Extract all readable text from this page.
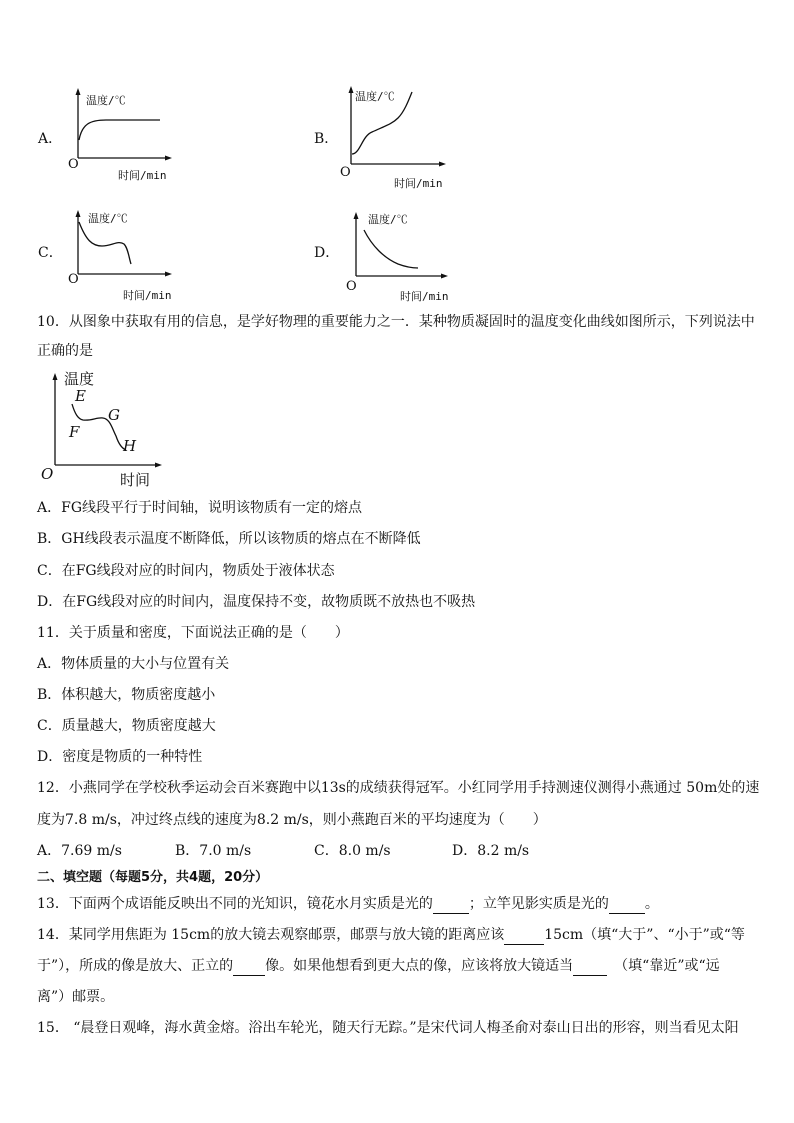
A．
温度/℃
时间/min
O
B．
温度/℃
时间/min
O
C．
温度/℃
时间/min
O
D．
温度/℃
时间/min
O
10．从图象中获取有用的信息，是学好物理的重要能力之一．某种物质凝固时的温度变化曲线如图所示，下列说法中
正确的是
温度
时间
O
E
F
G
H
A．FG线段平行于时间轴，说明该物质有一定的熔点
B．GH线段表示温度不断降低，所以该物质的熔点在不断降低
C．在FG线段对应的时间内，物质处于液体状态
D．在FG线段对应的时间内，温度保持不变，故物质既不放热也不吸热
11．关于质量和密度，下面说法正确的是（　　）
A．物体质量的大小与位置有关
B．体积越大，物质密度越小
C．质量越大，物质密度越大
D．密度是物质的一种特性
12．小燕同学在学校秋季运动会百米赛跑中以13s的成绩获得冠军。小红同学用手持测速仪测得小燕通过 50m处的速
度为7.8 m/s，冲过终点线的速度为8.2 m/s，则小燕跑百米的平均速度为（　　）
A．7.69 m/s	B．7.0 m/s	C．8.0 m/s	D．8.2 m/s
二、填空题（每题5分，共4题，20分）
13．下面两个成语能反映出不同的光知识，镜花水月实质是光的	；立竿见影实质是光的	。
14．某同学用焦距为 15cm的放大镜去观察邮票，邮票与放大镜的距离应该	15cm（填“大于”、“小于”或“等
于”），所成的像是放大、正立的 像。如果他想看到更大点的像，应该将放大镜适当　	（填“靠近”或“远
离”）邮票。
15． “晨登日观峰，海水黄金熔。浴出车轮光，随天行无踪。”是宋代词人梅圣俞对泰山日出的形容，则当看见太阳
